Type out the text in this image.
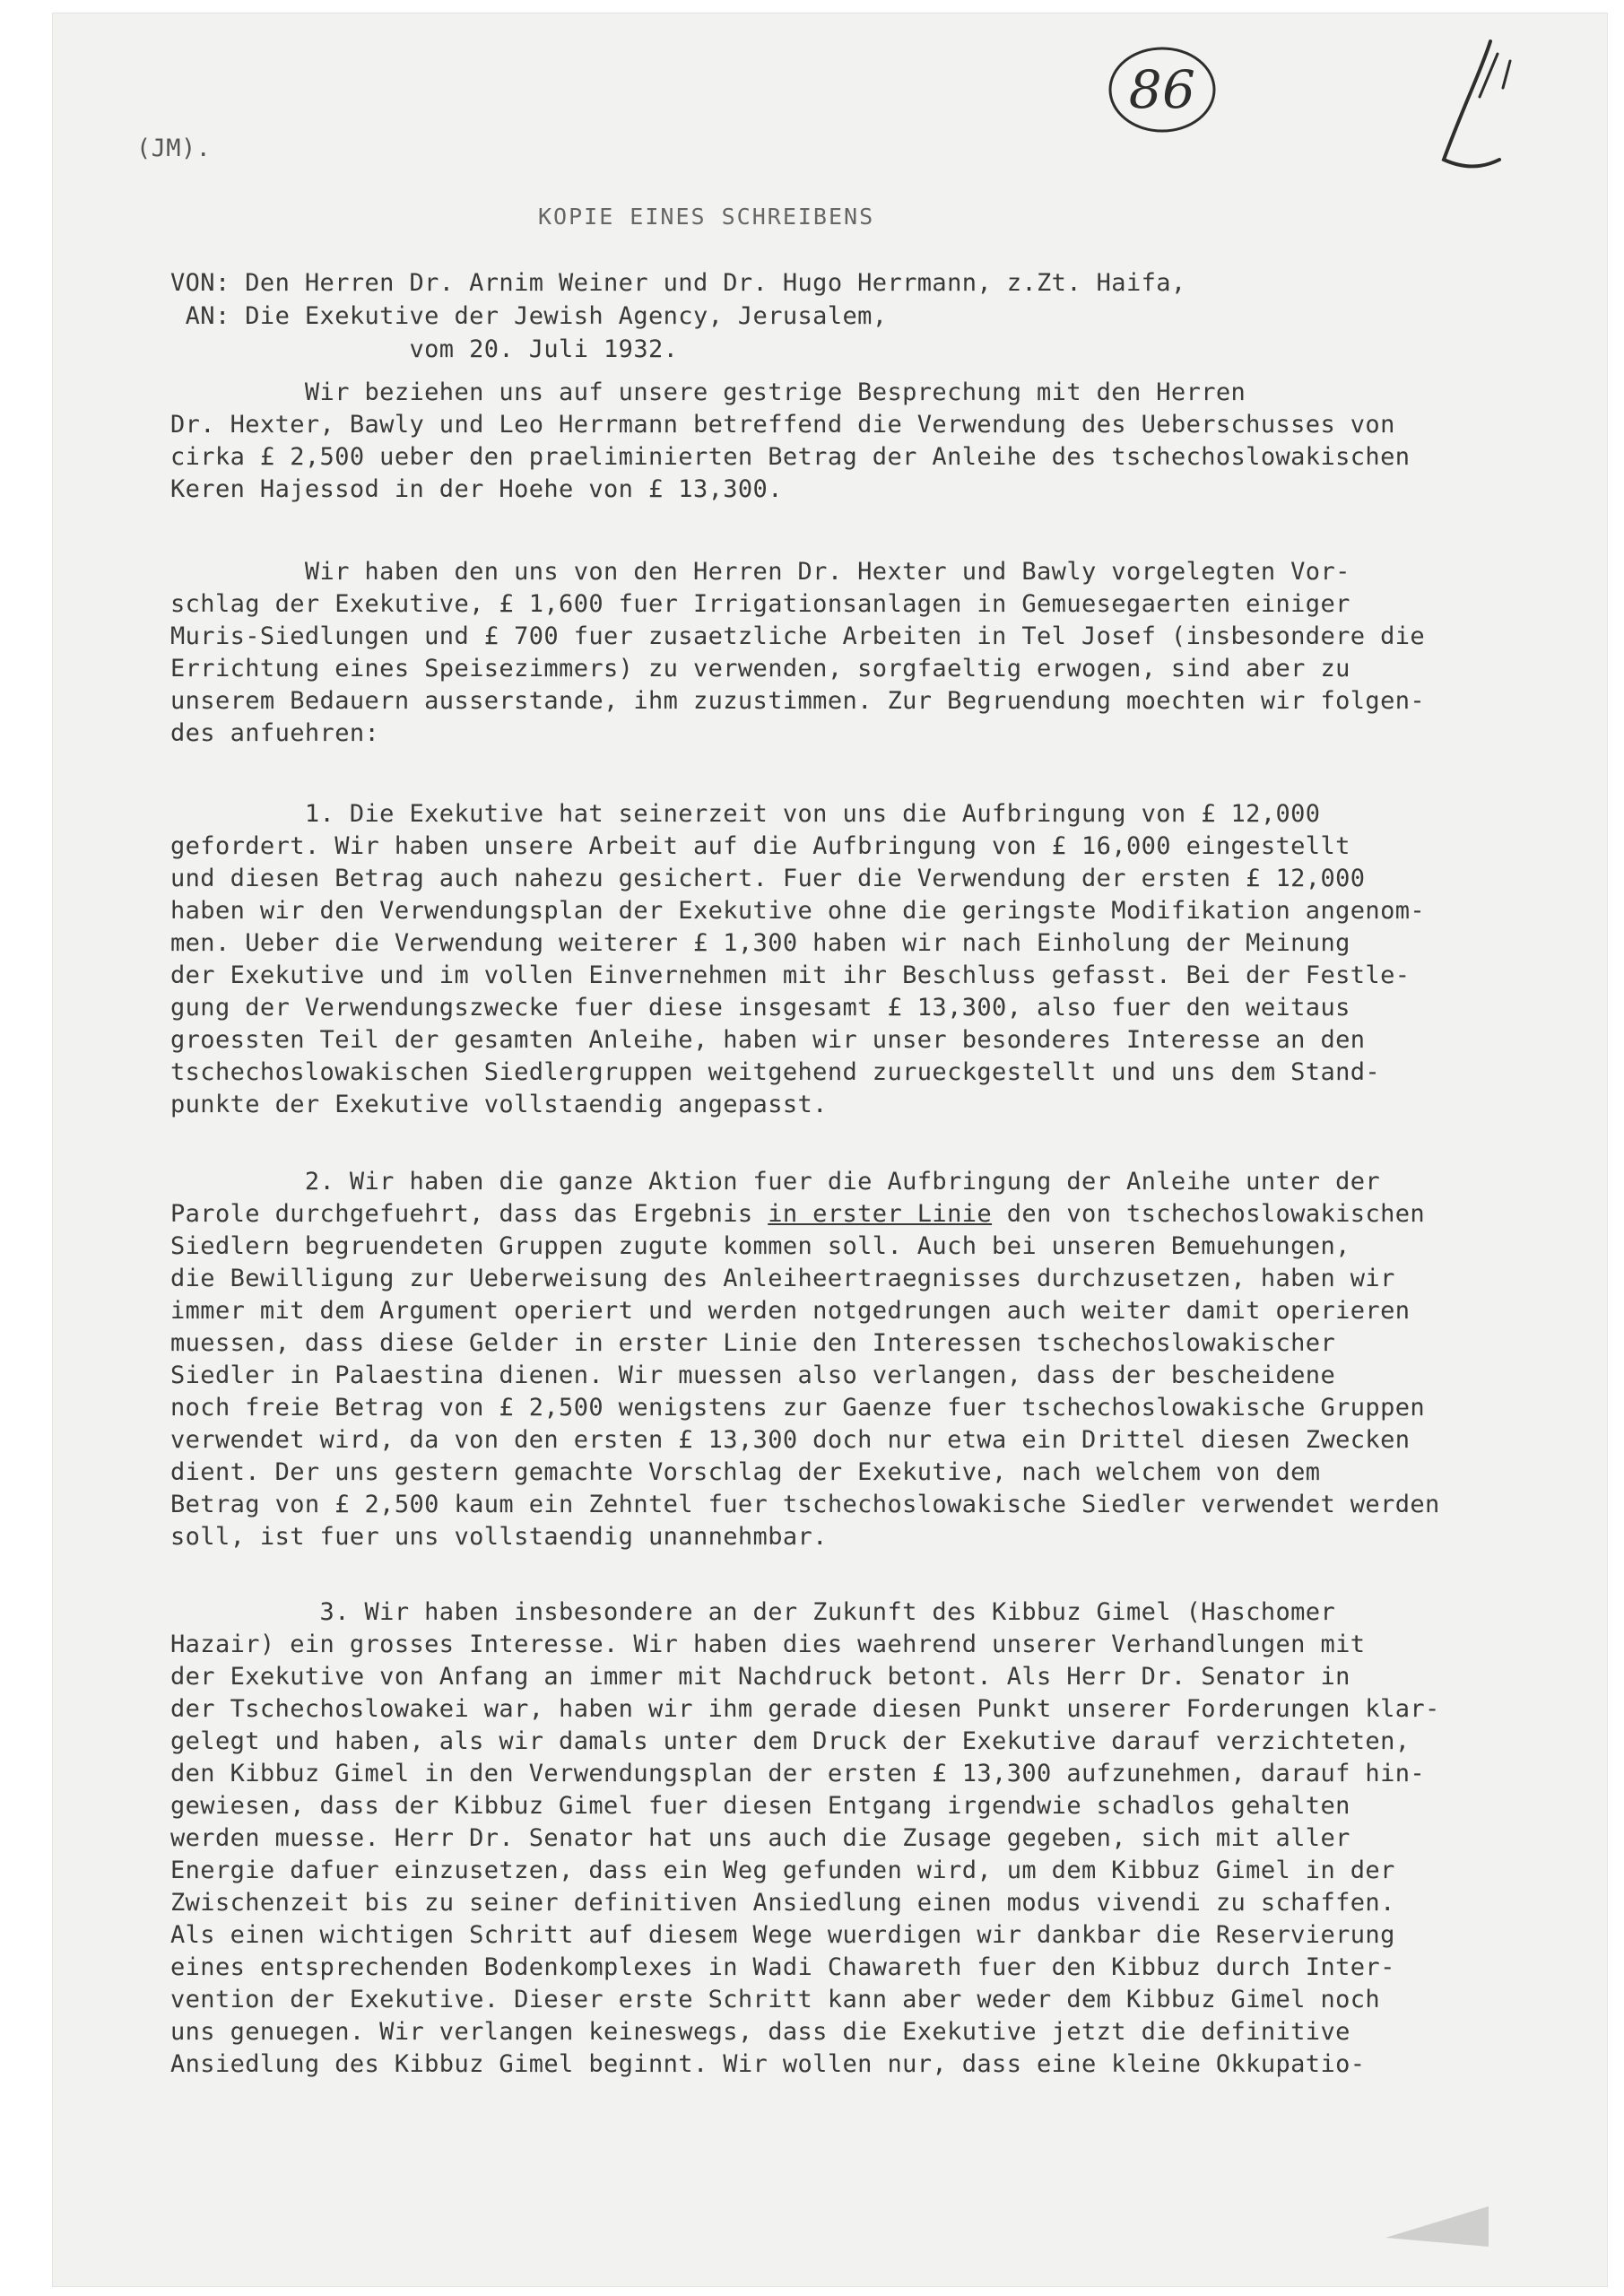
86
(JM).
KOPIE EINES SCHREIBENS
VON: Den Herren Dr. Arnim Weiner und Dr. Hugo Herrmann, z.Zt. Haifa,
AN: Die Exekutive der Jewish Agency, Jerusalem,
vom 20. Juli 1932.
Wir beziehen uns auf unsere gestrige Besprechung mit den Herren
Dr. Hexter, Bawly und Leo Herrmann betreffend die Verwendung des Ueberschusses von
cirka £ 2,500 ueber den praeliminierten Betrag der Anleihe des tschechoslowakischen
Keren Hajessod in der Hoehe von £ 13,300.
Wir haben den uns von den Herren Dr. Hexter und Bawly vorgelegten Vor-
schlag der Exekutive, £ 1,600 fuer Irrigationsanlagen in Gemuesegaerten einiger
Muris-Siedlungen und £ 700 fuer zusaetzliche Arbeiten in Tel Josef (insbesondere die
Errichtung eines Speisezimmers) zu verwenden, sorgfaeltig erwogen, sind aber zu
unserem Bedauern ausserstande, ihm zuzustimmen. Zur Begruendung moechten wir folgen-
des anfuehren:
1. Die Exekutive hat seinerzeit von uns die Aufbringung von £ 12,000
gefordert. Wir haben unsere Arbeit auf die Aufbringung von £ 16,000 eingestellt
und diesen Betrag auch nahezu gesichert. Fuer die Verwendung der ersten £ 12,000
haben wir den Verwendungsplan der Exekutive ohne die geringste Modifikation angenom-
men. Ueber die Verwendung weiterer £ 1,300 haben wir nach Einholung der Meinung
der Exekutive und im vollen Einvernehmen mit ihr Beschluss gefasst. Bei der Festle-
gung der Verwendungszwecke fuer diese insgesamt £ 13,300, also fuer den weitaus
groessten Teil der gesamten Anleihe, haben wir unser besonderes Interesse an den
tschechoslowakischen Siedlergruppen weitgehend zurueckgestellt und uns dem Stand-
punkte der Exekutive vollstaendig angepasst.
2. Wir haben die ganze Aktion fuer die Aufbringung der Anleihe unter der
Parole durchgefuehrt, dass das Ergebnis in erster Linie den von tschechoslowakischen
Siedlern begruendeten Gruppen zugute kommen soll. Auch bei unseren Bemuehungen,
die Bewilligung zur Ueberweisung des Anleiheertraegnisses durchzusetzen, haben wir
immer mit dem Argument operiert und werden notgedrungen auch weiter damit operieren
muessen, dass diese Gelder in erster Linie den Interessen tschechoslowakischer
Siedler in Palaestina dienen. Wir muessen also verlangen, dass der bescheidene
noch freie Betrag von £ 2,500 wenigstens zur Gaenze fuer tschechoslowakische Gruppen
verwendet wird, da von den ersten £ 13,300 doch nur etwa ein Drittel diesen Zwecken
dient. Der uns gestern gemachte Vorschlag der Exekutive, nach welchem von dem
Betrag von £ 2,500 kaum ein Zehntel fuer tschechoslowakische Siedler verwendet werden
soll, ist fuer uns vollstaendig unannehmbar.
3. Wir haben insbesondere an der Zukunft des Kibbuz Gimel (Haschomer
Hazair) ein grosses Interesse. Wir haben dies waehrend unserer Verhandlungen mit
der Exekutive von Anfang an immer mit Nachdruck betont. Als Herr Dr. Senator in
der Tschechoslowakei war, haben wir ihm gerade diesen Punkt unserer Forderungen klar-
gelegt und haben, als wir damals unter dem Druck der Exekutive darauf verzichteten,
den Kibbuz Gimel in den Verwendungsplan der ersten £ 13,300 aufzunehmen, darauf hin-
gewiesen, dass der Kibbuz Gimel fuer diesen Entgang irgendwie schadlos gehalten
werden muesse. Herr Dr. Senator hat uns auch die Zusage gegeben, sich mit aller
Energie dafuer einzusetzen, dass ein Weg gefunden wird, um dem Kibbuz Gimel in der
Zwischenzeit bis zu seiner definitiven Ansiedlung einen modus vivendi zu schaffen.
Als einen wichtigen Schritt auf diesem Wege wuerdigen wir dankbar die Reservierung
eines entsprechenden Bodenkomplexes in Wadi Chawareth fuer den Kibbuz durch Inter-
vention der Exekutive. Dieser erste Schritt kann aber weder dem Kibbuz Gimel noch
uns genuegen. Wir verlangen keineswegs, dass die Exekutive jetzt die definitive
Ansiedlung des Kibbuz Gimel beginnt. Wir wollen nur, dass eine kleine Okkupatio-
